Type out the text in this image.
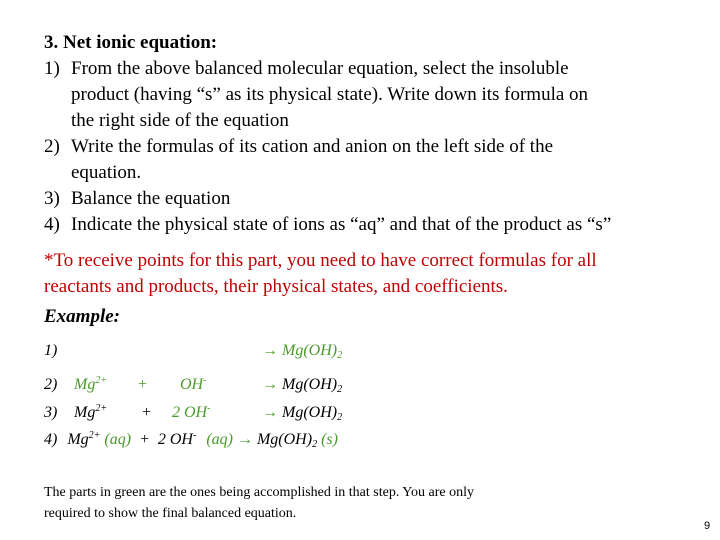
3. Net ionic equation:
1) From the above balanced molecular equation, select the insoluble
product (having “s” as its physical state). Write down its formula on
the right side of the equation
2) Write the formulas of its cation and anion on the left side of the
equation.
3) Balance the equation
4) Indicate the physical state of ions as “aq” and that of the product as “s”
*To receive points for this part, you need to have correct formulas for all
reactants and products, their physical states, and coefficients.
Example:
1)	→ $Mg(OH)_2$
2) $Mg^{2+} + OH^-$	→ $Mg(OH)_2$
3) $Mg^{2+} + 2$ OH-	→ $Mg(OH)_2$
4) $Mg^{2+}$ (aq) + 2 OH- $(aq) \to Mg(OH)_2$ (s)
The parts in green are the ones being accomplished in that step. You are only
required to show the final balanced equation.
9
